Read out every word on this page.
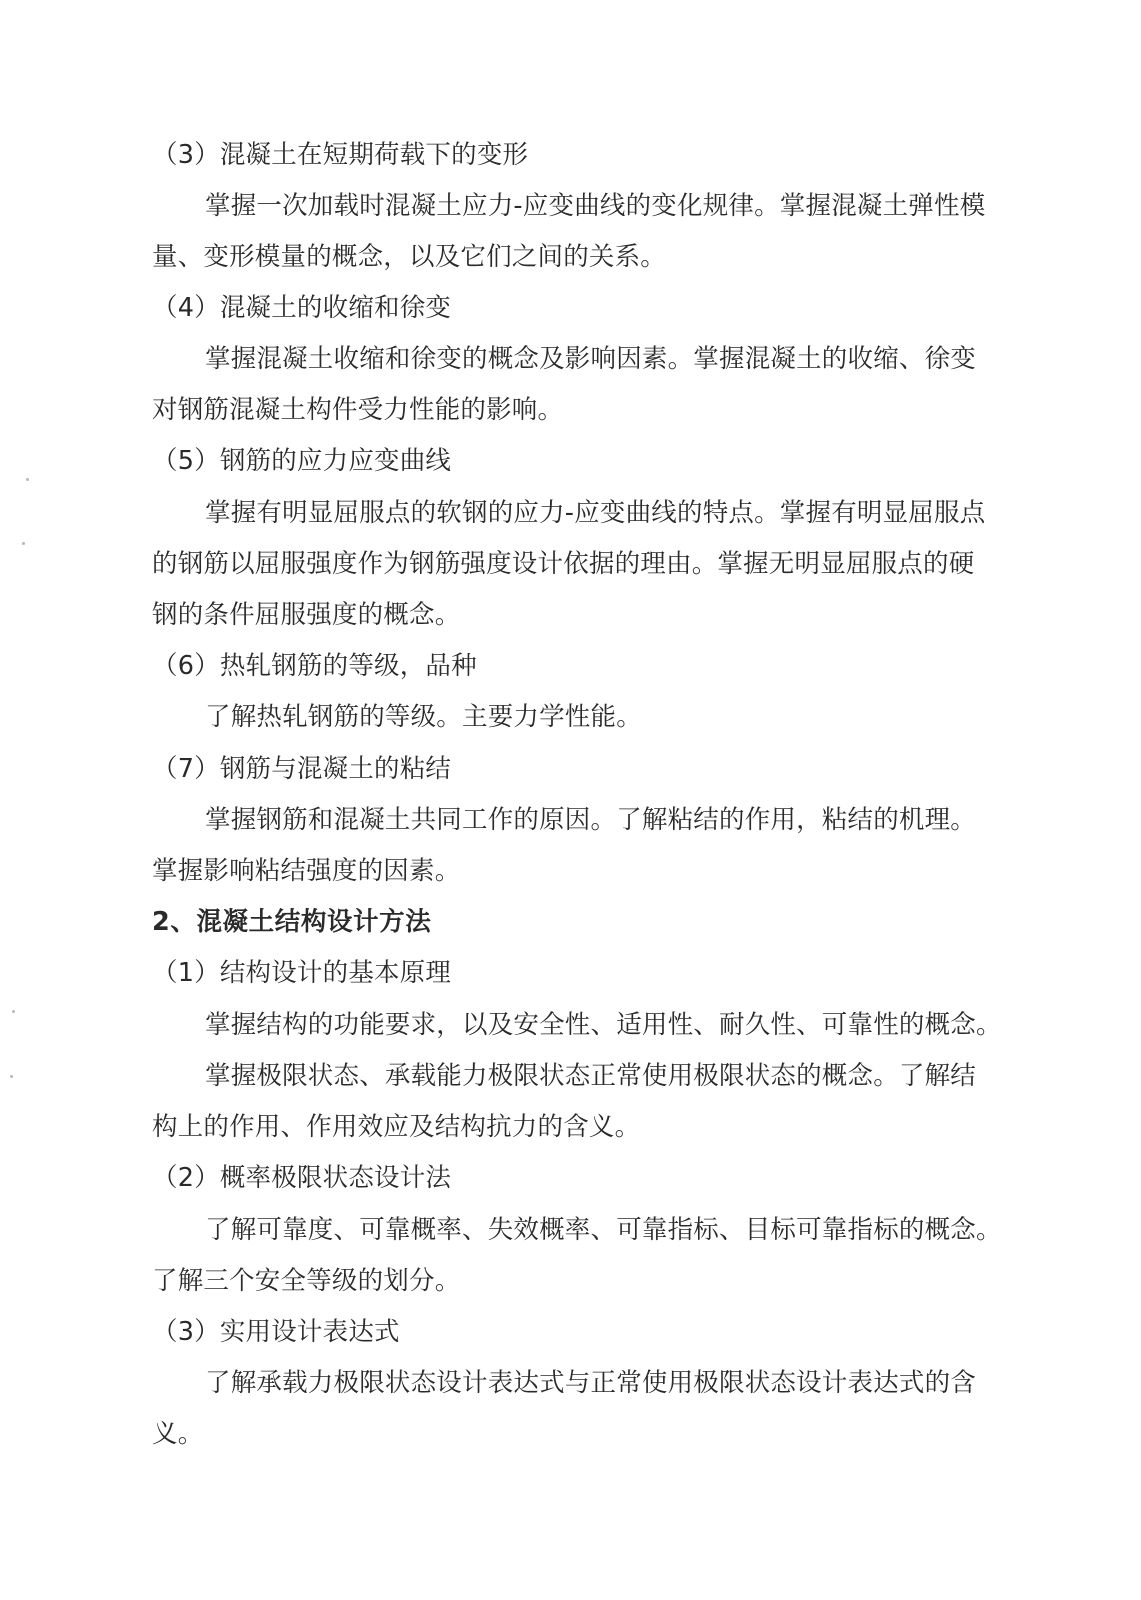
（3）混凝土在短期荷载下的变形
掌握一次加载时混凝土应力-应变曲线的变化规律。掌握混凝土弹性模
量、变形模量的概念，以及它们之间的关系。
（4）混凝土的收缩和徐变
掌握混凝土收缩和徐变的概念及影响因素。掌握混凝土的收缩、徐变
对钢筋混凝土构件受力性能的影响。
（5）钢筋的应力应变曲线
掌握有明显屈服点的软钢的应力-应变曲线的特点。掌握有明显屈服点
的钢筋以屈服强度作为钢筋强度设计依据的理由。掌握无明显屈服点的硬
钢的条件屈服强度的概念。
（6）热轧钢筋的等级，品种
了解热轧钢筋的等级。主要力学性能。
（7）钢筋与混凝土的粘结
掌握钢筋和混凝土共同工作的原因。了解粘结的作用，粘结的机理。
掌握影响粘结强度的因素。
2、混凝土结构设计方法
（1）结构设计的基本原理
掌握结构的功能要求，以及安全性、适用性、耐久性、可靠性的概念。
掌握极限状态、承载能力极限状态正常使用极限状态的概念。了解结
构上的作用、作用效应及结构抗力的含义。
（2）概率极限状态设计法
了解可靠度、可靠概率、失效概率、可靠指标、目标可靠指标的概念。
了解三个安全等级的划分。
（3）实用设计表达式
了解承载力极限状态设计表达式与正常使用极限状态设计表达式的含
义。
